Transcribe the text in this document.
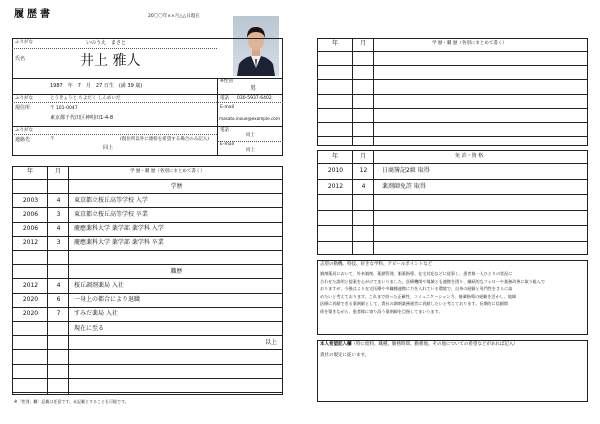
履歴書	20〇〇年××月△△日現在
ふりがな	いのうえ　まさと
氏名	井上 雅人
1987　年　7　月　27 日生　(満 39 歳)
※性別
男
ふりがな	とうきょうと ちよだく しんめいだ
現住所	〒 101-0047
東京都千代田区神明田1-4-8
電話 030-5937-6402
E-mail
masato.inoue@example.com
ふりがな
連絡先	〒	(現住所以外に連絡を希望する場合のみ記入)
同上
電話
同上
E-mail
同上
学歴
2003	4	東京都立桜丘高等学校 入学
2006	3	東京都立桜丘高等学校 卒業
2006	4	慶應薬科大学 薬学部 薬学科 入学
2012	3	慶應薬科大学 薬学部 薬学科 卒業
職歴
2012	4	桜丘調剤薬局 入社
2020	6	一身上の都合により退職
2020	7	すみだ薬局 入社
現在に至る
以上
年	月	学 歴・職 歴（各別にまとめて書く）
※「性別」欄：記載は任意です。未記載とすることも可能です。
年	月	学 歴・職 歴（各別にまとめて書く）
2010	12	日商簿記2級 取得
2012	4	薬剤師免許 取得
年	月	免 許・資 格
志望の動機、特技、好きな学科、アピールポイントなど
調剤薬局において、外来調剤、薬歴管理、服薬指導、在宅対応などに従事し、患者様一人ひとりの状況に
合わせた説明と提案を心がけてまいりました。医療機関や地域とも連携を図り、継続的なフォローや業務改善に取り組んで
おりますが、今後はより在宅医療や多職種連携に力を入れている環境で、自身の経験と専門性をさらに高
めたいと考えております。これまで培った正確性、コミュニケーション力、後輩指導の経験を活かし、地域
医療に貢献できる薬剤師として、貴社の調剤業務運営に貢献したいと考えております。長期的に信頼関
係を築きながら、患者様に寄り添う薬剤師を目指してまいります。
本人希望記入欄（特に給料、職種、勤務時間、勤務地、その他についての希望などがあれば記入）
貴社の規定に従います。
